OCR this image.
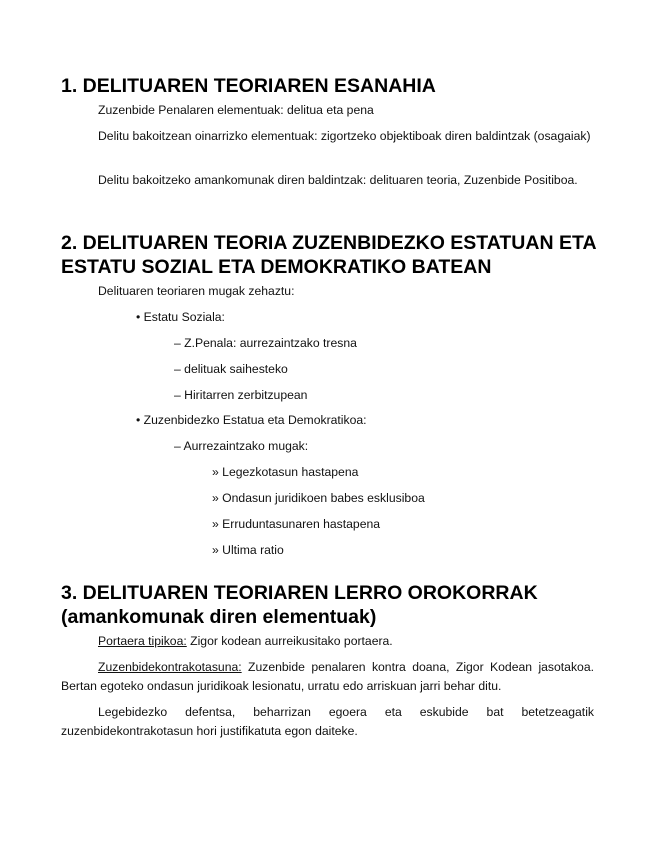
1. DELITUAREN TEORIAREN ESANAHIA

Zuzenbide Penalaren elementuak: delitua eta pena

Delitu bakoitzean oinarrizko elementuak: zigortzeko objektiboak diren baldintzak (osagaiak)

Delitu bakoitzeko amankomunak diren baldintzak: delituaren teoria, Zuzenbide Positiboa.

2. DELITUAREN TEORIA ZUZENBIDEZKO ESTATUAN ETA
ESTATU SOZIAL ETA DEMOKRATIKO BATEAN

Delituaren teoriaren mugak zehaztu:

• Estatu Soziala:
– Z.Penala: aurrezaintzako tresna
– delituak saihesteko
– Hiritarren zerbitzupean
• Zuzenbidezko Estatua eta Demokratikoa:
– Aurrezaintzako mugak:
» Legezkotasun hastapena
» Ondasun juridikoen babes esklusiboa
» Erruduntasunaren hastapena
» Ultima ratio
3. DELITUAREN TEORIAREN LERRO OROKORRAK
(amankomunak diren elementuak)

Portaera tipikoa: Zigor kodean aurreikusitako portaera.

Zuzenbidekontrakotasuna: Zuzenbide penalaren kontra doana, Zigor Kodean jasotakoa. Bertan egoteko ondasun juridikoak lesionatu, urratu edo arriskuan jarri behar ditu.

Legebidezko defentsa, beharrizan egoera eta eskubide bat betetzeagatik zuzenbidekontrakotasun hori justifikatuta egon daiteke.
